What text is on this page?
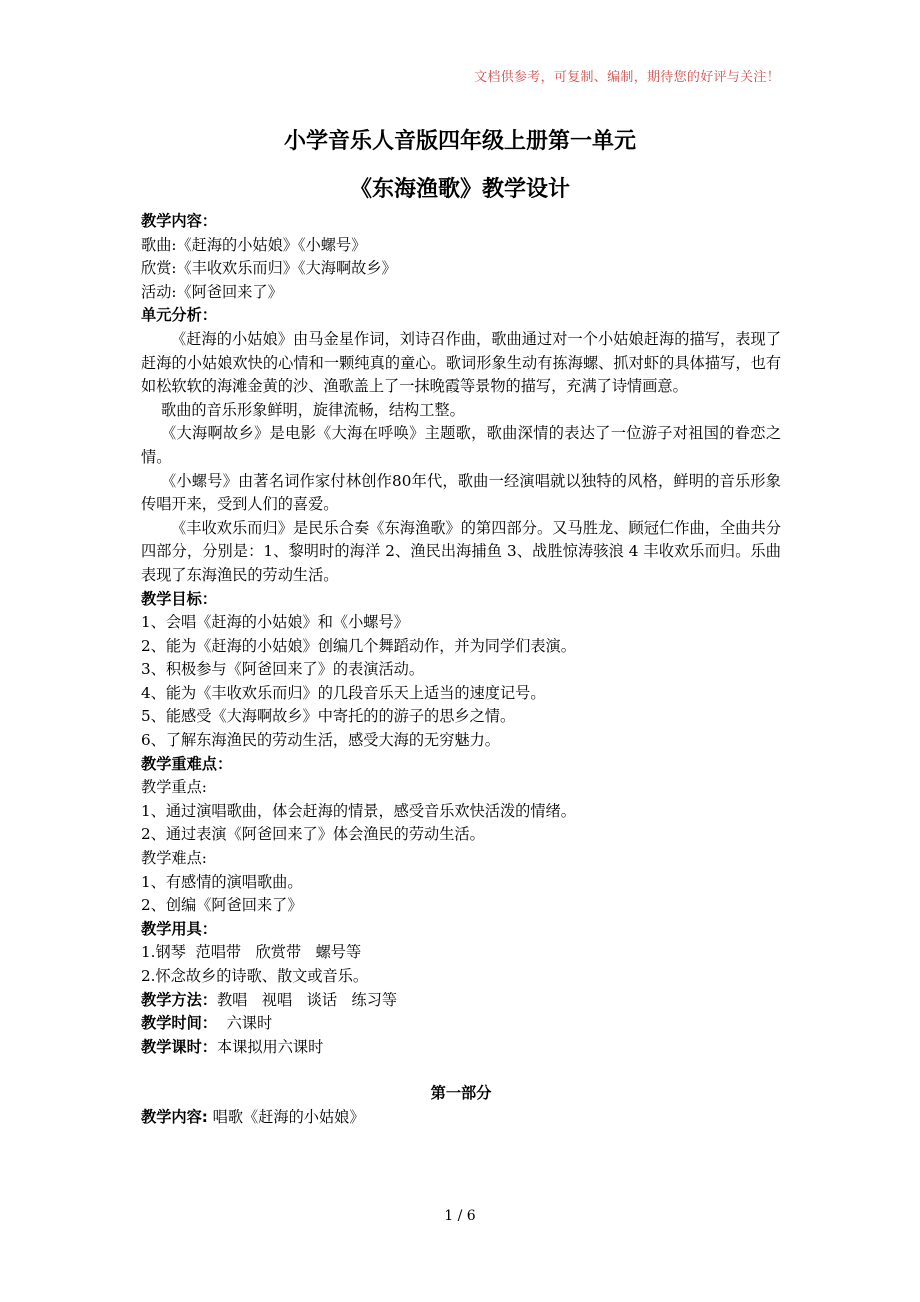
文档供参考，可复制、编制，期待您的好评与关注！
小学音乐人音版四年级上册第一单元
《东海渔歌》教学设计
教学内容：
歌曲:《赶海的小姑娘》《小螺号》
欣赏:《丰收欢乐而归》《大海啊故乡》
活动:《阿爸回来了》
单元分析：
《赶海的小姑娘》由马金星作词，刘诗召作曲，歌曲通过对一个小姑娘赶海的描写，表现了赶海的小姑娘欢快的心情和一颗纯真的童心。歌词形象生动有拣海螺、抓对虾的具体描写，也有如松软软的海滩金黄的沙、渔歌盖上了一抹晚霞等景物的描写，充满了诗情画意。
歌曲的音乐形象鲜明，旋律流畅，结构工整。
《大海啊故乡》是电影《大海在呼唤》主题歌，歌曲深情的表达了一位游子对祖国的眷恋之情。
《小螺号》由著名词作家付林创作80年代，歌曲一经演唱就以独特的风格，鲜明的音乐形象传唱开来，受到人们的喜爱。
《丰收欢乐而归》是民乐合奏《东海渔歌》的第四部分。又马胜龙、顾冠仁作曲，全曲共分四部分，分别是：1、黎明时的海洋 2、渔民出海捕鱼 3、战胜惊涛骇浪 4 丰收欢乐而归。乐曲表现了东海渔民的劳动生活。
教学目标：
1、会唱《赶海的小姑娘》和《小螺号》
2、能为《赶海的小姑娘》创编几个舞蹈动作，并为同学们表演。
3、积极参与《阿爸回来了》的表演活动。
4、能为《丰收欢乐而归》的几段音乐天上适当的速度记号。
5、能感受《大海啊故乡》中寄托的的游子的思乡之情。
6、了解东海渔民的劳动生活，感受大海的无穷魅力。
教学重难点：
教学重点:
1、通过演唱歌曲，体会赶海的情景，感受音乐欢快活泼的情绪。
2、通过表演《阿爸回来了》体会渔民的劳动生活。
教学难点:
1、有感情的演唱歌曲。
2、创编《阿爸回来了》
教学用具：
1.钢琴  范唱带   欣赏带   螺号等
2.怀念故乡的诗歌、散文或音乐。
教学方法：教唱   视唱   谈话   练习等
教学时间：  六课时
教学课时：本课拟用六课时
第一部分
教学内容: 唱歌《赶海的小姑娘》
1 / 6
